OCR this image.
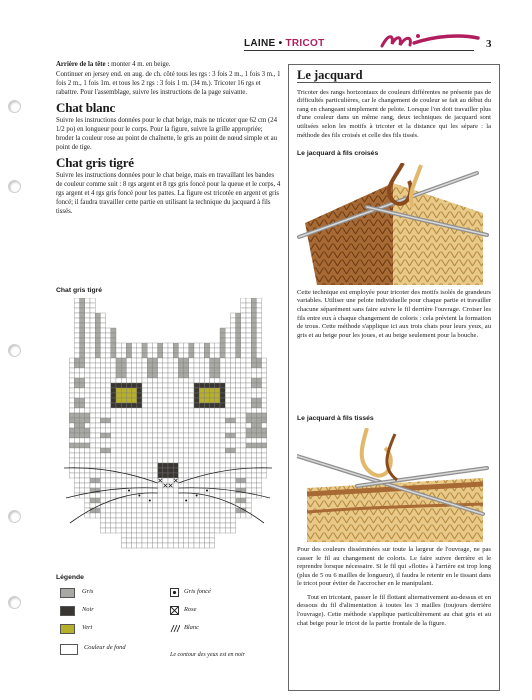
LAINE • TRICOT	3

Arrière de la tête : monter 4 m. en beige.

Continuer en jersey end. en aug. de ch. côté tous les rgs : 3 fois 2 m., 1 fois 3 m., 1 fois 2 m., 1 fois 1m. et tous les 2 rgs : 3 fois 1 m. (34 m.). Tricoter 16 rgs et rabattre. Pour l'assemblage, suivre les instructions de la page suivante.

Chat blanc

Suivre les instructions données pour le chat beige, mais ne tricoter que 62 cm (24 1/2 po) en longueur pour le corps. Pour la figure, suivre la grille appropriée; broder la couleur rose au point de chaînette, le gris au point de nœud simple et au point de tige.

Chat gris tigré

Suivre les instructions données pour le chat beige, mais en travaillant les bandes de couleur comme suit : 8 rgs argent et 8 rgs gris foncé pour la queue et le corps, 4 rgs argent et 4 rgs gris foncé pour les pattes. La figure est tricotée en argent et gris foncé; il faudra travailler cette partie en utilisant la technique du jacquard à fils tissés.

Chat gris tigré
Légende
Gris
Noir
Vert
Couleur de fond
Gris foncé
Rose
Blanc
Le contour des yeux est en noir
Le jacquard

Tricoter des rangs horizontaux de couleurs différentes ne présente pas de difficultés particulières, car le changement de couleur se fait au début du rang en changeant simplement de pelote. Lorsque l'on doit travailler plus d'une couleur dans un même rang, deux techniques de jacquard sont utilisées selon les motifs à tricoter et la distance qui les sépare : la méthode des fils croisés et celle des fils tissés.

Le jacquard à fils croisés

Cette technique est employée pour tricoter des motifs isolés de grandeurs variables. Utiliser une pelote individuelle pour chaque partie et travailler chacune séparément sans faire suivre le fil derrière l'ouvrage. Croiser les fils entre eux à chaque changement de coloris : cela prévient la formation de trous. Cette méthode s'applique ici aux trois chats pour leurs yeux, au gris et au beige pour les joues, et au beige seulement pour la bouche.

Le jacquard à fils tissés

Pour des couleurs disséminées sur toute la largeur de l'ouvrage, ne pas casser le fil au changement de coloris. Le faire suivre derrière et le reprendre lorsque nécessaire. Si le fil qui «flotte» à l'arrière est trop long (plus de 5 ou 6 mailles de longueur), il faudra le retenir en le tissant dans le tricot pour éviter de l'accrocher en le manipulant.

Tout en tricotant, passer le fil flottant alternativement au-dessus et en dessous du fil d'alimentation à toutes les 3 mailles (toujours derrière l'ouvrage). Cette méthode s'applique particulièrement au chat gris et au chat beige pour le tricot de la partie frontale de la figure.
